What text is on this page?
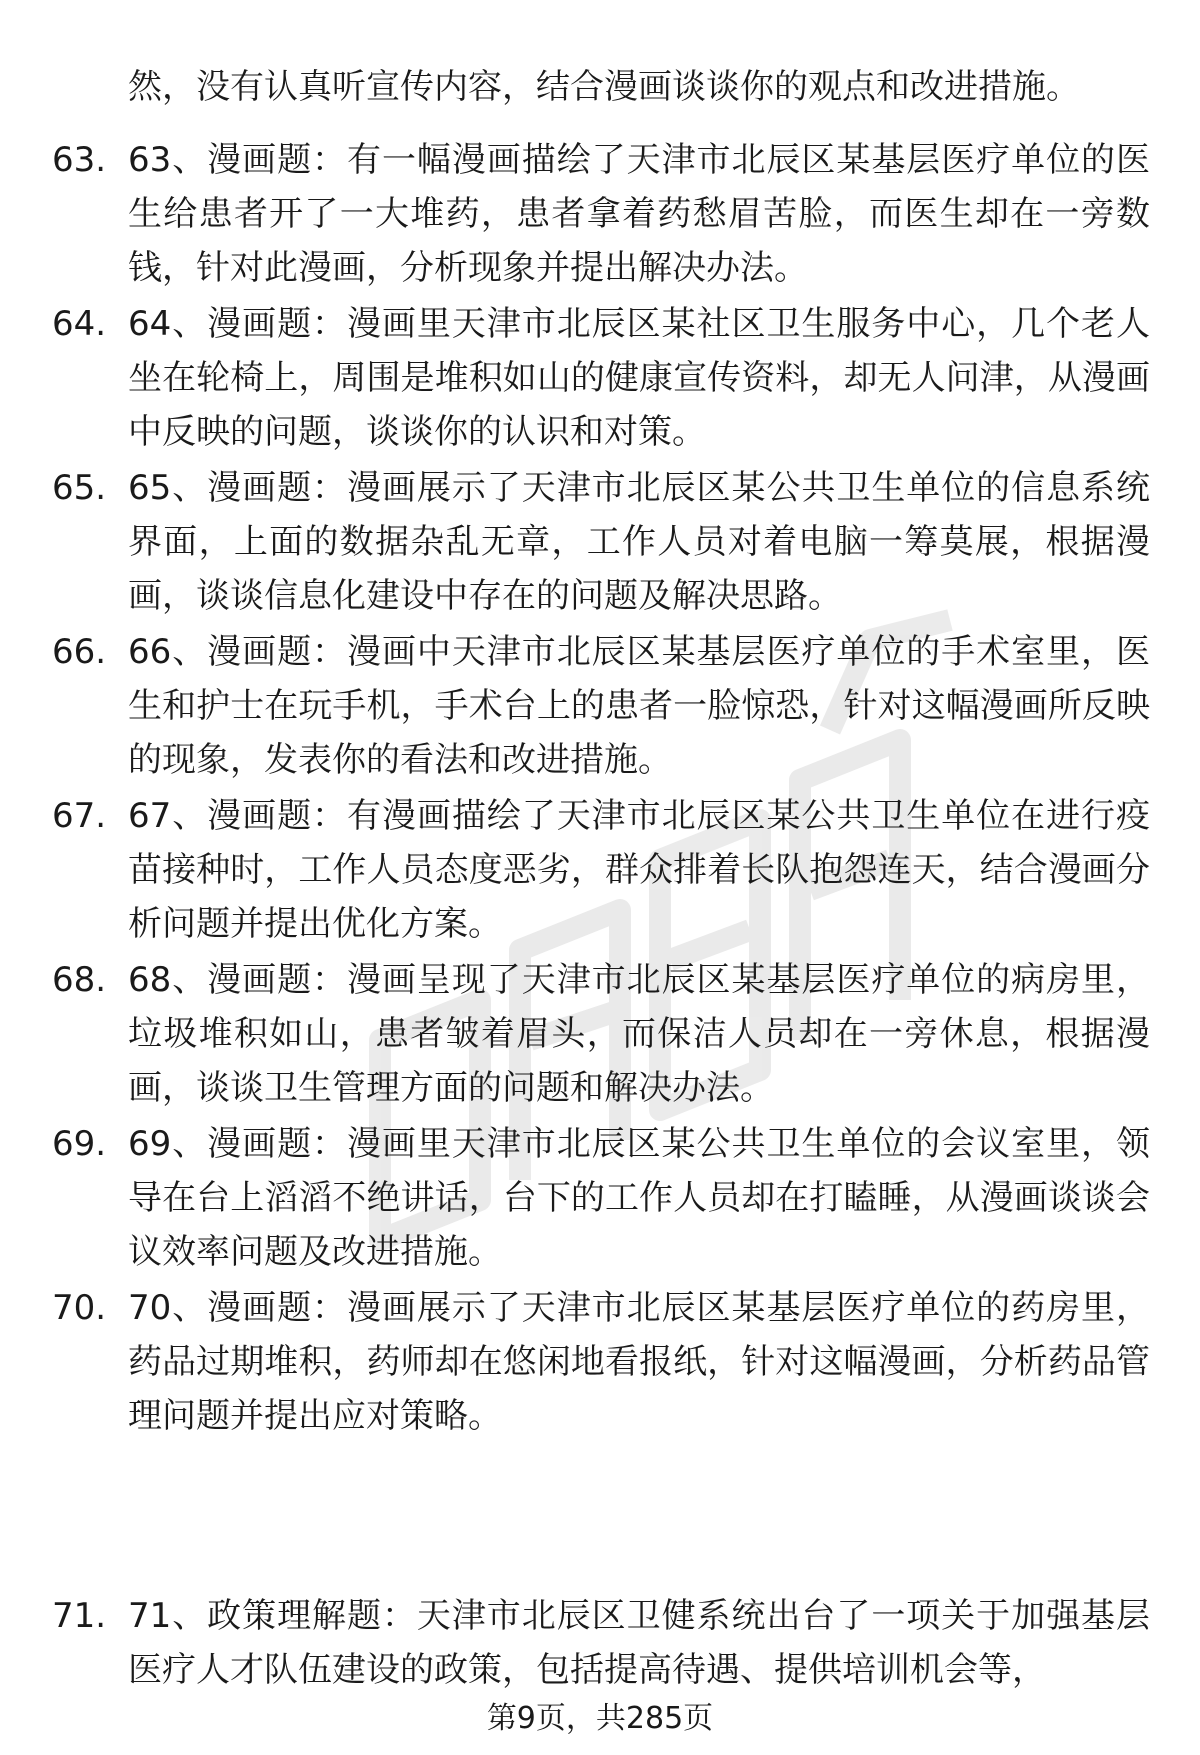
然，没有认真听宣传内容，结合漫画谈谈你的观点和改进措施。
63. 63、漫画题：有一幅漫画描绘了天津市北辰区某基层医疗单位的医生给患者开了一大堆药，患者拿着药愁眉苦脸，而医生却在一旁数钱，针对此漫画，分析现象并提出解决办法。
64. 64、漫画题：漫画里天津市北辰区某社区卫生服务中心，几个老人坐在轮椅上，周围是堆积如山的健康宣传资料，却无人问津，从漫画中反映的问题，谈谈你的认识和对策。
65. 65、漫画题：漫画展示了天津市北辰区某公共卫生单位的信息系统界面，上面的数据杂乱无章，工作人员对着电脑一筹莫展，根据漫画，谈谈信息化建设中存在的问题及解决思路。
66. 66、漫画题：漫画中天津市北辰区某基层医疗单位的手术室里，医生和护士在玩手机，手术台上的患者一脸惊恐，针对这幅漫画所反映的现象，发表你的看法和改进措施。
67. 67、漫画题：有漫画描绘了天津市北辰区某公共卫生单位在进行疫苗接种时，工作人员态度恶劣，群众排着长队抱怨连天，结合漫画分析问题并提出优化方案。
68. 68、漫画题：漫画呈现了天津市北辰区某基层医疗单位的病房里，垃圾堆积如山，患者皱着眉头，而保洁人员却在一旁休息，根据漫画，谈谈卫生管理方面的问题和解决办法。
69. 69、漫画题：漫画里天津市北辰区某公共卫生单位的会议室里，领导在台上滔滔不绝讲话，台下的工作人员却在打瞌睡，从漫画谈谈会议效率问题及改进措施。
70. 70、漫画题：漫画展示了天津市北辰区某基层医疗单位的药房里，药品过期堆积，药师却在悠闲地看报纸，针对这幅漫画，分析药品管理问题并提出应对策略。
71. 71、政策理解题：天津市北辰区卫健系统出台了一项关于加强基层医疗人才队伍建设的政策，包括提高待遇、提供培训机会等，
第9页，共285页
